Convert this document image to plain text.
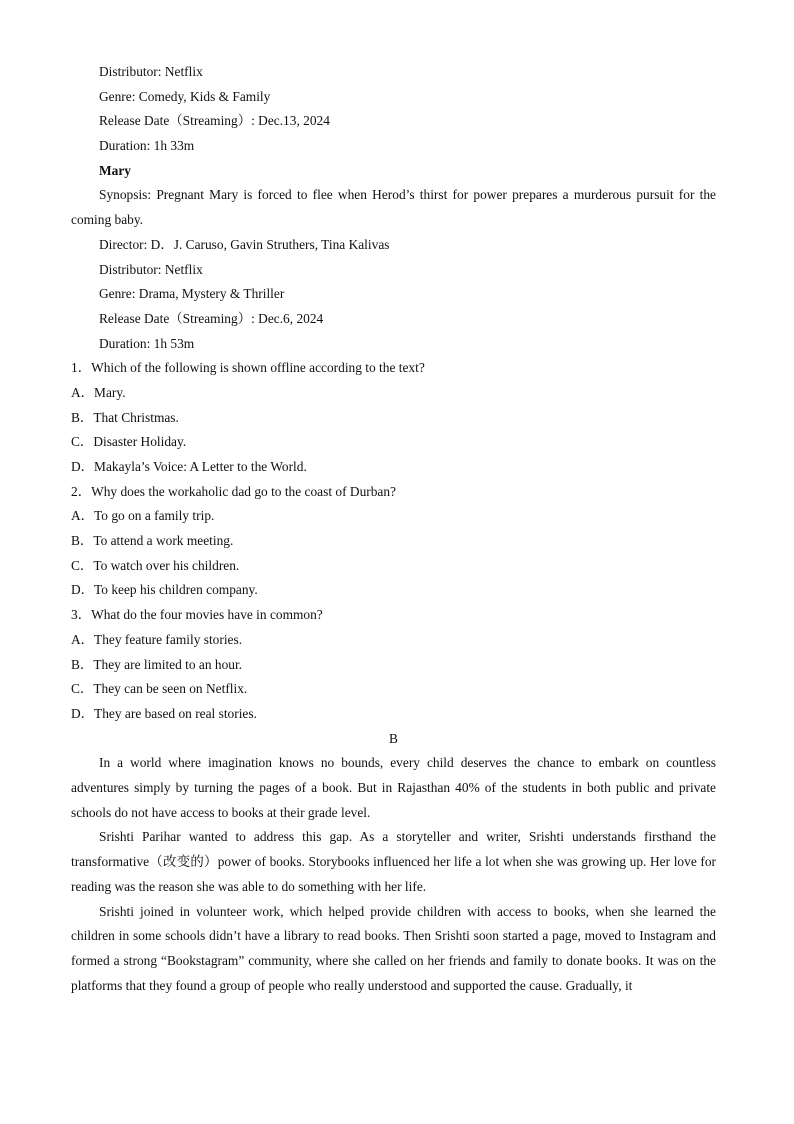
Distributor: Netflix
Genre: Comedy, Kids & Family
Release Date（Streaming）: Dec.13, 2024
Duration: 1h 33m
Mary
Synopsis: Pregnant Mary is forced to flee when Herod’s thirst for power prepares a murderous pursuit for the coming baby.
Director: D．J. Caruso, Gavin Struthers, Tina Kalivas
Distributor: Netflix
Genre: Drama, Mystery & Thriller
Release Date（Streaming）: Dec.6, 2024
Duration: 1h 53m
1．Which of the following is shown offline according to the text?
A．Mary.
B．That Christmas.
C．Disaster Holiday.
D．Makayla’s Voice: A Letter to the World.
2．Why does the workaholic dad go to the coast of Durban?
A．To go on a family trip.
B．To attend a work meeting.
C．To watch over his children.
D．To keep his children company.
3．What do the four movies have in common?
A．They feature family stories.
B．They are limited to an hour.
C．They can be seen on Netflix.
D．They are based on real stories.
B
In a world where imagination knows no bounds, every child deserves the chance to embark on countless adventures simply by turning the pages of a book. But in Rajasthan 40% of the students in both public and private schools do not have access to books at their grade level.
Srishti Parihar wanted to address this gap. As a storyteller and writer, Srishti understands firsthand the transformative（改变的）power of books. Storybooks influenced her life a lot when she was growing up. Her love for reading was the reason she was able to do something with her life.
Srishti joined in volunteer work, which helped provide children with access to books, when she learned the children in some schools didn’t have a library to read books. Then Srishti soon started a page, moved to Instagram and formed a strong “Bookstagram” community, where she called on her friends and family to donate books. It was on the platforms that they found a group of people who really understood and supported the cause. Gradually, it
